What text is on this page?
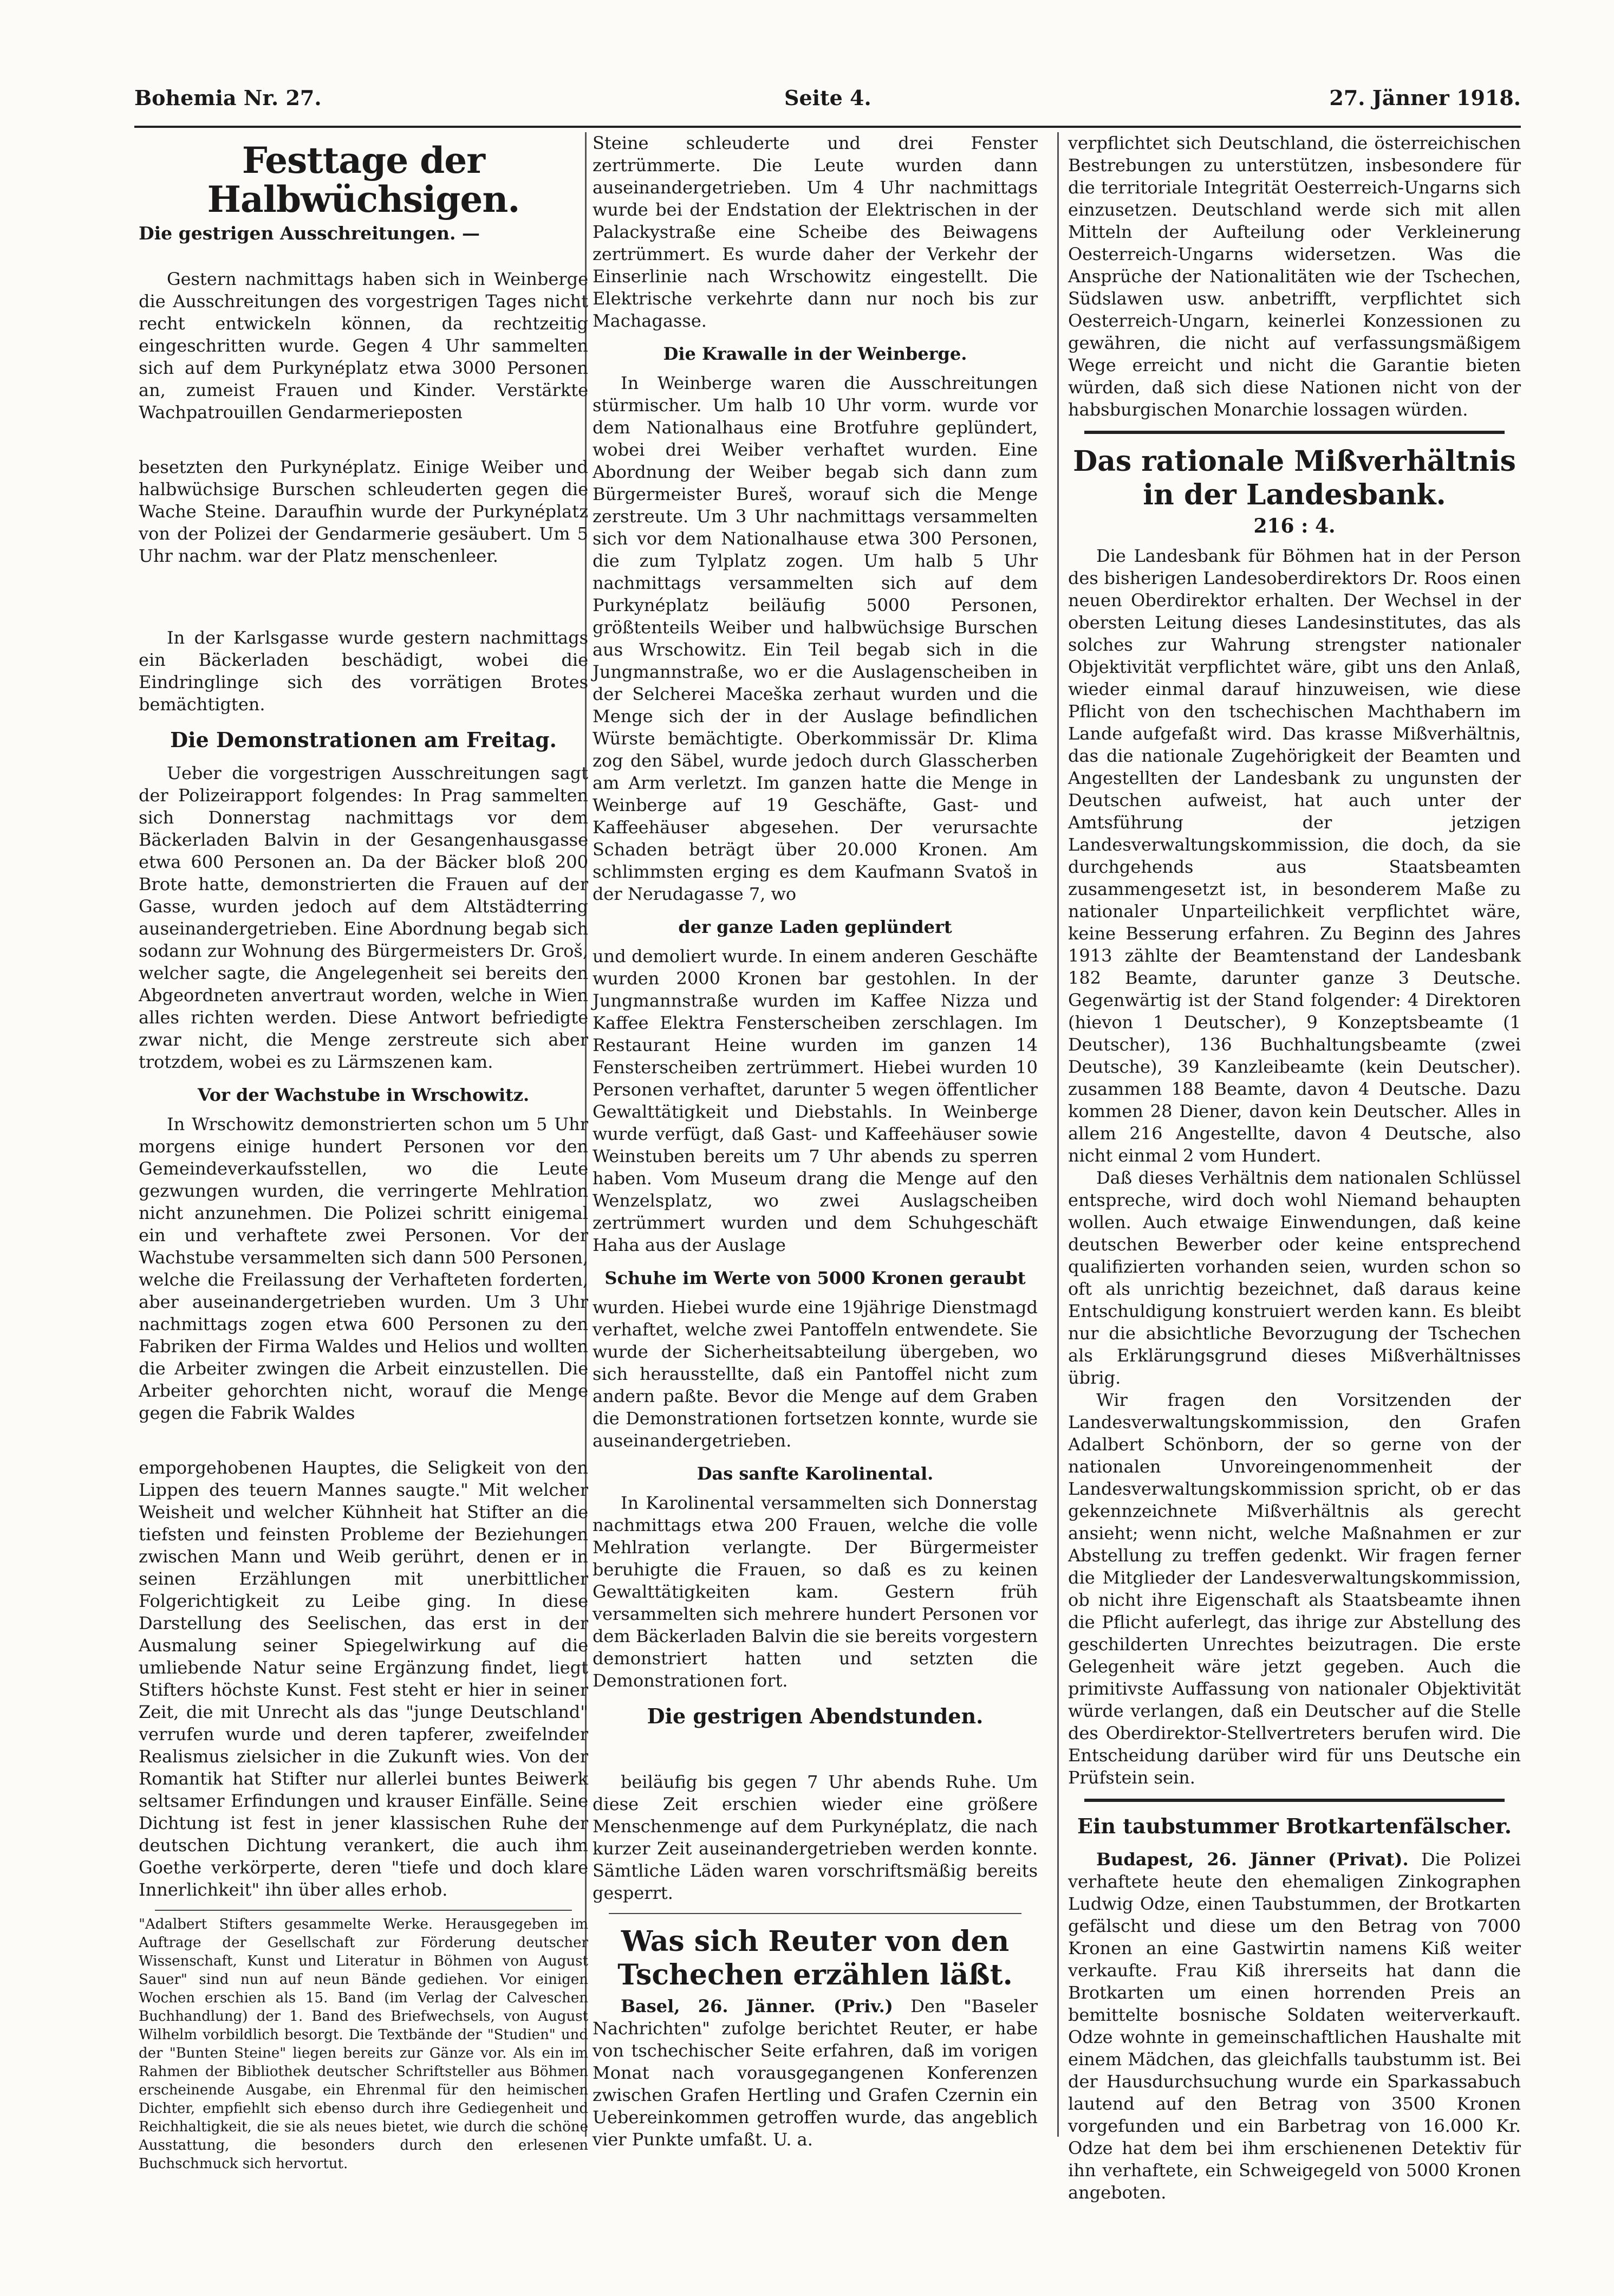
Bohemia Nr. 27.	Seite 4.	27. Jänner 1918.
Festtage der Halbwüchsigen.
Die gestrigen Ausschreitungen. —

Gestern nachmittags haben sich in Weinberge die Ausschreitungen des vorgestrigen Tages nicht recht entwickeln können, da rechtzeitig eingeschritten wurde. Gegen 4 Uhr sammelten sich auf dem Purkynéplatz etwa 3000 Personen an, zumeist Frauen und Kinder. Verstärkte Wachpatrouillen Gendarmerieposten

besetzten den Purkynéplatz. Einige Weiber und halbwüchsige Burschen schleuderten gegen die Wache Steine. Daraufhin wurde der Purkynéplatz von der Polizei der Gendarmerie gesäubert. Um 5 Uhr nachm. war der Platz menschenleer.

In der Karlsgasse wurde gestern nachmittags ein Bäckerladen beschädigt, wobei die Eindringlinge sich des vorrätigen Brotes bemächtigten.

Die Demonstrationen am Freitag.

Ueber die vorgestrigen Ausschreitungen sagt der Polizeirapport folgendes: In Prag sammelten sich Donnerstag nachmittags vor dem Bäckerladen Balvin in der Gesangenhausgasse etwa 600 Personen an. Da der Bäcker bloß 200 Brote hatte, demonstrierten die Frauen auf der Gasse, wurden jedoch auf dem Altstädterring auseinandergetrieben. Eine Abordnung begab sich sodann zur Wohnung des Bürgermeisters Dr. Groš, welcher sagte, die Angelegenheit sei bereits den Abgeordneten anvertraut worden, welche in Wien alles richten werden. Diese Antwort befriedigte zwar nicht, die Menge zerstreute sich aber trotzdem, wobei es zu Lärmszenen kam.

Vor der Wachstube in Wrschowitz.

In Wrschowitz demonstrierten schon um 5 Uhr morgens einige hundert Personen vor den Gemeindeverkaufsstellen, wo die Leute gezwungen wurden, die verringerte Mehlration nicht anzunehmen. Die Polizei schritt einigemal ein und verhaftete zwei Personen. Vor der Wachstube versammelten sich dann 500 Personen, welche die Freilassung der Verhafteten forderten, aber auseinandergetrieben wurden. Um 3 Uhr nachmittags zogen etwa 600 Personen zu den Fabriken der Firma Waldes und Helios und wollten die Arbeiter zwingen die Arbeit einzustellen. Die Arbeiter gehorchten nicht, worauf die Menge gegen die Fabrik Waldes

emporgehobenen Hauptes, die Seligkeit von den Lippen des teuern Mannes saugte." Mit welcher Weisheit und welcher Kühnheit hat Stifter an die tiefsten und feinsten Probleme der Beziehungen zwischen Mann und Weib gerührt, denen er in seinen Erzählungen mit unerbittlicher Folgerichtigkeit zu Leibe ging. In diese Darstellung des Seelischen, das erst in der Ausmalung seiner Spiegelwirkung auf die umliebende Natur seine Ergänzung findet, liegt Stifters höchste Kunst. Fest steht er hier in seiner Zeit, die mit Unrecht als das "junge Deutschland" verrufen wurde und deren tapferer, zweifelnder Realismus zielsicher in die Zukunft wies. Von der Romantik hat Stifter nur allerlei buntes Beiwerk seltsamer Erfindungen und krauser Einfälle. Seine Dichtung ist fest in jener klassischen Ruhe der deutschen Dichtung verankert, die auch ihm Goethe verkörperte, deren "tiefe und doch klare Innerlichkeit" ihn über alles erhob.

"Adalbert Stifters gesammelte Werke. Herausgegeben im Auftrage der Gesellschaft zur Förderung deutscher Wissenschaft, Kunst und Literatur in Böhmen von August Sauer" sind nun auf neun Bände gediehen. Vor einigen Wochen erschien als 15. Band (im Verlag der Calveschen Buchhandlung) der 1. Band des Briefwechsels, von August Wilhelm vorbildlich besorgt. Die Textbände der "Studien" und der "Bunten Steine" liegen bereits zur Gänze vor. Als ein im Rahmen der Bibliothek deutscher Schriftsteller aus Böhmen erscheinende Ausgabe, ein Ehrenmal für den heimischen Dichter, empfiehlt sich ebenso durch ihre Gediegenheit und Reichhaltigkeit, die sie als neues bietet, wie durch die schöne Ausstattung, die besonders durch den erlesenen Buchschmuck sich hervortut.

Steine schleuderte und drei Fenster zertrümmerte. Die Leute wurden dann auseinandergetrieben. Um 4 Uhr nachmittags wurde bei der Endstation der Elektrischen in der Palackystraße eine Scheibe des Beiwagens zertrümmert. Es wurde daher der Verkehr der Einserlinie nach Wrschowitz eingestellt. Die Elektrische verkehrte dann nur noch bis zur Machagasse.

Die Krawalle in der Weinberge.

In Weinberge waren die Ausschreitungen stürmischer. Um halb 10 Uhr vorm. wurde vor dem Nationalhaus eine Brotfuhre geplündert, wobei drei Weiber verhaftet wurden. Eine Abordnung der Weiber begab sich dann zum Bürgermeister Bureš, worauf sich die Menge zerstreute. Um 3 Uhr nachmittags versammelten sich vor dem Nationalhause etwa 300 Personen, die zum Tylplatz zogen. Um halb 5 Uhr nachmittags versammelten sich auf dem Purkynéplatz beiläufig 5000 Personen, größtenteils Weiber und halbwüchsige Burschen aus Wrschowitz. Ein Teil begab sich in die Jungmannstraße, wo er die Auslagenscheiben in der Selcherei Maceška zerhaut wurden und die Menge sich der in der Auslage befindlichen Würste bemächtigte. Oberkommissär Dr. Klima zog den Säbel, wurde jedoch durch Glasscherben am Arm verletzt. Im ganzen hatte die Menge in Weinberge auf 19 Geschäfte, Gast- und Kaffeehäuser abgesehen. Der verursachte Schaden beträgt über 20.000 Kronen. Am schlimmsten erging es dem Kaufmann Svatoš in der Nerudagasse 7, wo

der ganze Laden geplündert

und demoliert wurde. In einem anderen Geschäfte wurden 2000 Kronen bar gestohlen. In der Jungmannstraße wurden im Kaffee Nizza und Kaffee Elektra Fensterscheiben zerschlagen. Im Restaurant Heine wurden im ganzen 14 Fensterscheiben zertrümmert. Hiebei wurden 10 Personen verhaftet, darunter 5 wegen öffentlicher Gewalttätigkeit und Diebstahls. In Weinberge wurde verfügt, daß Gast- und Kaffeehäuser sowie Weinstuben bereits um 7 Uhr abends zu sperren haben. Vom Museum drang die Menge auf den Wenzelsplatz, wo zwei Auslagscheiben zertrümmert wurden und dem Schuhgeschäft Haha aus der Auslage

Schuhe im Werte von 5000 Kronen geraubt

wurden. Hiebei wurde eine 19jährige Dienstmagd verhaftet, welche zwei Pantoffeln entwendete. Sie wurde der Sicherheitsabteilung übergeben, wo sich herausstellte, daß ein Pantoffel nicht zum andern paßte. Bevor die Menge auf dem Graben die Demonstrationen fortsetzen konnte, wurde sie auseinandergetrieben.

Das sanfte Karolinental.

In Karolinental versammelten sich Donnerstag nachmittags etwa 200 Frauen, welche die volle Mehlration verlangte. Der Bürgermeister beruhigte die Frauen, so daß es zu keinen Gewalttätigkeiten kam. Gestern früh versammelten sich mehrere hundert Personen vor dem Bäckerladen Balvin die sie bereits vorgestern demonstriert hatten und setzten die Demonstrationen fort.

Die gestrigen Abendstunden.

beiläufig bis gegen 7 Uhr abends Ruhe. Um diese Zeit erschien wieder eine größere Menschenmenge auf dem Purkynéplatz, die nach kurzer Zeit auseinandergetrieben werden konnte. Sämtliche Läden waren vorschriftsmäßig bereits gesperrt.

Was sich Reuter von den Tschechen erzählen läßt.

Basel, 26. Jänner. (Priv.) Den "Baseler Nachrichten" zufolge berichtet Reuter, er habe von tschechischer Seite erfahren, daß im vorigen Monat nach vorausgegangenen Konferenzen zwischen Grafen Hertling und Grafen Czernin ein Uebereinkommen getroffen wurde, das angeblich vier Punkte umfaßt. U. a.

verpflichtet sich Deutschland, die österreichischen Bestrebungen zu unterstützen, insbesondere für die territoriale Integrität Oesterreich-Ungarns sich einzusetzen. Deutschland werde sich mit allen Mitteln der Aufteilung oder Verkleinerung Oesterreich-Ungarns widersetzen. Was die Ansprüche der Nationalitäten wie der Tschechen, Südslawen usw. anbetrifft, verpflichtet sich Oesterreich-Ungarn, keinerlei Konzessionen zu gewähren, die nicht auf verfassungsmäßigem Wege erreicht und nicht die Garantie bieten würden, daß sich diese Nationen nicht von der habsburgischen Monarchie lossagen würden.

Das rationale Mißverhältnis in der Landesbank.
216 : 4.

Die Landesbank für Böhmen hat in der Person des bisherigen Landesoberdirektors Dr. Roos einen neuen Oberdirektor erhalten. Der Wechsel in der obersten Leitung dieses Landesinstitutes, das als solches zur Wahrung strengster nationaler Objektivität verpflichtet wäre, gibt uns den Anlaß, wieder einmal darauf hinzuweisen, wie diese Pflicht von den tschechischen Machthabern im Lande aufgefaßt wird. Das krasse Mißverhältnis, das die nationale Zugehörigkeit der Beamten und Angestellten der Landesbank zu ungunsten der Deutschen aufweist, hat auch unter der Amtsführung der jetzigen Landesverwaltungskommission, die doch, da sie durchgehends aus Staatsbeamten zusammengesetzt ist, in besonderem Maße zu nationaler Unparteilichkeit verpflichtet wäre, keine Besserung erfahren. Zu Beginn des Jahres 1913 zählte der Beamtenstand der Landesbank 182 Beamte, darunter ganze 3 Deutsche. Gegenwärtig ist der Stand folgender: 4 Direktoren (hievon 1 Deutscher), 9 Konzeptsbeamte (1 Deutscher), 136 Buchhaltungsbeamte (zwei Deutsche), 39 Kanzleibeamte (kein Deutscher). zusammen 188 Beamte, davon 4 Deutsche. Dazu kommen 28 Diener, davon kein Deutscher. Alles in allem 216 Angestellte, davon 4 Deutsche, also nicht einmal 2 vom Hundert.

Daß dieses Verhältnis dem nationalen Schlüssel entspreche, wird doch wohl Niemand behaupten wollen. Auch etwaige Einwendungen, daß keine deutschen Bewerber oder keine entsprechend qualifizierten vorhanden seien, wurden schon so oft als unrichtig bezeichnet, daß daraus keine Entschuldigung konstruiert werden kann. Es bleibt nur die absichtliche Bevorzugung der Tschechen als Erklärungsgrund dieses Mißverhältnisses übrig.

Wir fragen den Vorsitzenden der Landesverwaltungskommission, den Grafen Adalbert Schönborn, der so gerne von der nationalen Unvoreingenommenheit der Landesverwaltungskommission spricht, ob er das gekennzeichnete Mißverhältnis als gerecht ansieht; wenn nicht, welche Maßnahmen er zur Abstellung zu treffen gedenkt. Wir fragen ferner die Mitglieder der Landesverwaltungskommission, ob nicht ihre Eigenschaft als Staatsbeamte ihnen die Pflicht auferlegt, das ihrige zur Abstellung des geschilderten Unrechtes beizutragen. Die erste Gelegenheit wäre jetzt gegeben. Auch die primitivste Auffassung von nationaler Objektivität würde verlangen, daß ein Deutscher auf die Stelle des Oberdirektor-Stellvertreters berufen wird. Die Entscheidung darüber wird für uns Deutsche ein Prüfstein sein.

Ein taubstummer Brotkartenfälscher.

Budapest, 26. Jänner (Privat). Die Polizei verhaftete heute den ehemaligen Zinkographen Ludwig Odze, einen Taubstummen, der Brotkarten gefälscht und diese um den Betrag von 7000 Kronen an eine Gastwirtin namens Kiß weiter verkaufte. Frau Kiß ihrerseits hat dann die Brotkarten um einen horrenden Preis an bemittelte bosnische Soldaten weiterverkauft. Odze wohnte in gemeinschaftlichen Haushalte mit einem Mädchen, das gleichfalls taubstumm ist. Bei der Hausdurchsuchung wurde ein Sparkassabuch lautend auf den Betrag von 3500 Kronen vorgefunden und ein Barbetrag von 16.000 Kr. Odze hat dem bei ihm erschienenen Detektiv für ihn verhaftete, ein Schweigegeld von 5000 Kronen angeboten.
